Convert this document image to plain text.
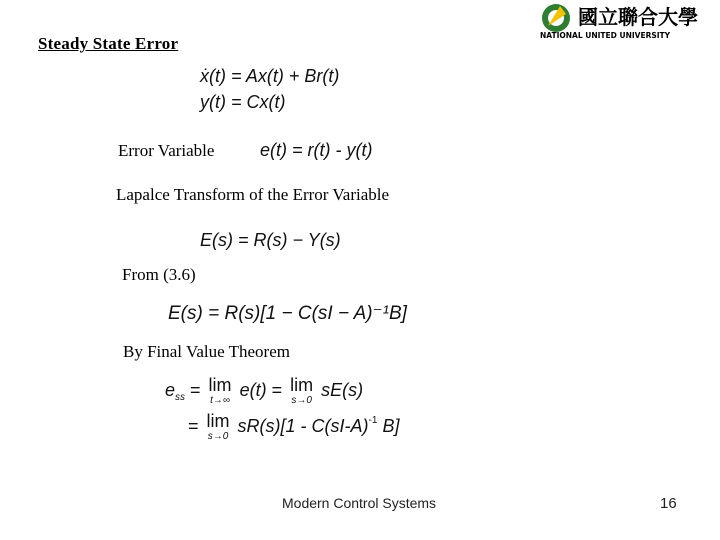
國立聯合大學
NATIONAL UNITED UNIVERSITY
Steady State Error
ẋ(t) = Ax(t) + Br(t)
y(t) = Cx(t)
Error Variable	e(t) = r(t) - y(t)
Lapalce Transform of the Error Variable
E(s) = R(s) − Y(s)
From (3.6)
E(s) = R(s)[1 − C(sI − A)⁻¹B]
By Final Value Theorem
$e_{ss} = \lim$
t→∞
e(t) = lim
s→0
sE(s)
= lim
s→0
$sR(s)[1 - C(sI-A)^{-1}$ B]
Modern Control Systems	16
